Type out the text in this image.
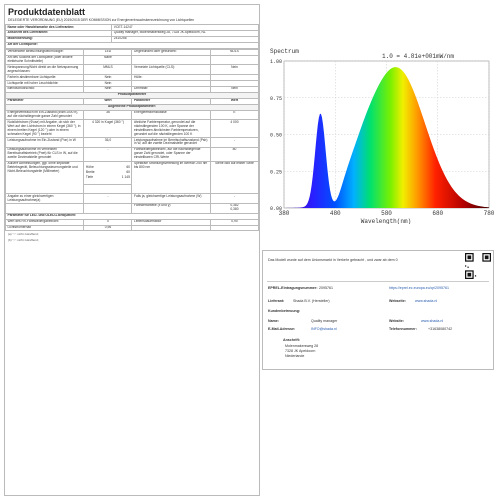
Produktdatenblatt
DELEGIERTE VERORDNUNG (EU) 2019/2015 DER KOMMISSION zur Energieverbrauchskennzeichnung von Lichtquellen
Name oder Handelsmarke des Lieferanten:	VCET-14247
Anschrift des Lieferanten:	Quality manager, Molenmakersweg 28, 7328 JK Apeldoorn, NL
Modellkennung:	2410256
Art der Lichtquelle:	
Verwendete Beleuchtungstechnologie:	LED	Ungebündelt oder gebündelt:	NDLS
Art des Sockels der Lichtquelle (oder andere elektrische Schnittstelle)	Nahe		
Netzspannung/Nicht direkt an die Netzspannung angeschlossen:	MMLS	Vernetzte Lichtquelle (CLS):	Nein
Farbein abstimmbare Lichtquelle:	Nein	Hülle:	
Lichtquelle mit hoher Leuchtdichte:	Nein		
Blendschutzschild:	Nein	Dimmbar:	Nein
Produktparameter
Parameter	Wert	Parameter	Wert
Allgemeine Produktparameter:
Energieverbrauch im Ein-Zustand (kWh/1000 h), auf die nächstliegende ganze Zahl gerundet	36	Energieeffizienzklasse	E
Nutzlichtstrom (Φuse) mit Angabe, ob sich der Wert auf den Lichtstrom in einem Kegel (360 °), in einem breiten Kegel (120 °) oder in einem schmalen Kegel (90 °) bezieht	4 320 in Kugel (360 °)	ähnliche Farbtemperatur, gerundet auf die nächstliegenden 100 K, oder Spanne der einstellbaren ähnlichsten Farbtemperaturen, gerundet auf die nächstliegenden 100 K	4 000
Leistungsaufnahme im Ein-Zustand (Pon) in W	36,0	Leistungsaufnahme im Bereitschaftszustand (Psb) in W, auf die zweite Dezimalstelle gerundet	-
Leistungsaufnahme im vernetzten Bereitschaftsbetrieb (Pnet) für CLS in W, auf die zweite Dezimalstelle gerundet	-	Farbwiedergabeindex, auf die nächstliegende ganze Zahl gerundet, oder Spanne der einstellbaren CRI-Werte	80
Äußere Abmessungen, ggf. ohne separate Betriebsgerät, Beleuchtungssteuerungsteile und Nicht-Beleuchtungsteile (Millimeter)	

Höhe	60
Breite	60
Tiefe	1 145

	Spektrale Strahlungsverteilung im Bereich 250 nm bis 800 nm	Siehe Bild auf letzter Seite

Angabe zu einer gleichwertigen Leistungsaufnahme(a)	-	Falls ja, gleichwertige Leistungsaufnahme (W)	-
		Farbwertanteile (x und y)	0,382
0,380
Parameter für LED- und OLED-Lichtquellen:
Wert des R9-Farbwiedergabeindex	0	Lebensdauerfaktor	0,90
Lichtstromerhalt	0,96		
(a) "-": nicht zutreffend;
(b) "-": nicht zutreffend;
Spectrum
1.0 = 4.81e+001mW/nm
0.00
0.25
0.50
0.75
1.00
380	480	580	680	780
Wavelength(nm)
Das Modell wurde auf dem Unionsmarkt in Verkehr gebracht , und zwar ab dem 0
EPREL-Eintragungsnummer: 2095761	https://eprel.ec.europa.eu/qr/2095761
Lieferant: Shada B.V. (Hersteller)	Webseite:	www.shada.nl
Kundenbetreuung:
Name:	Quality manager	Website:	www.shada.nl
E-Mail-Adresse:	INFO@shada.nl	Telefonnummer:	+31638080742
Anschrift:
Molenmakersweg 28
7328 JK Apeldoorn
Niederlande
